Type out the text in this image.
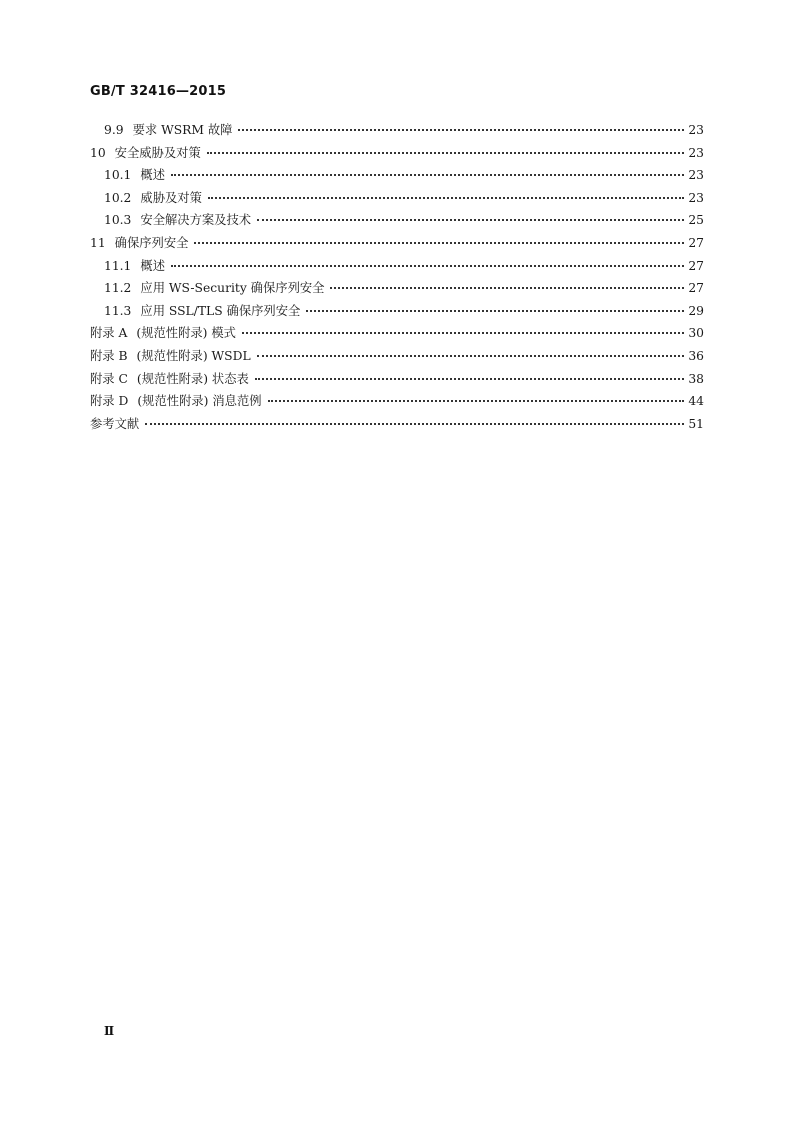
GB/T 32416—2015
9.9 要求 WSRM 故障	23
10 安全威胁及对策	23
10.1 概述	23
10.2 威胁及对策	23
10.3 安全解决方案及技术	25
11 确保序列安全	27
11.1 概述	27
11.2 应用 WS-Security 确保序列安全	27
11.3 应用 SSL/TLS 确保序列安全	29
附录 A (规范性附录) 模式	30
附录 B (规范性附录) WSDL	36
附录 C (规范性附录) 状态表	38
附录 D (规范性附录) 消息范例	44
参考文献	51
Ⅱ
